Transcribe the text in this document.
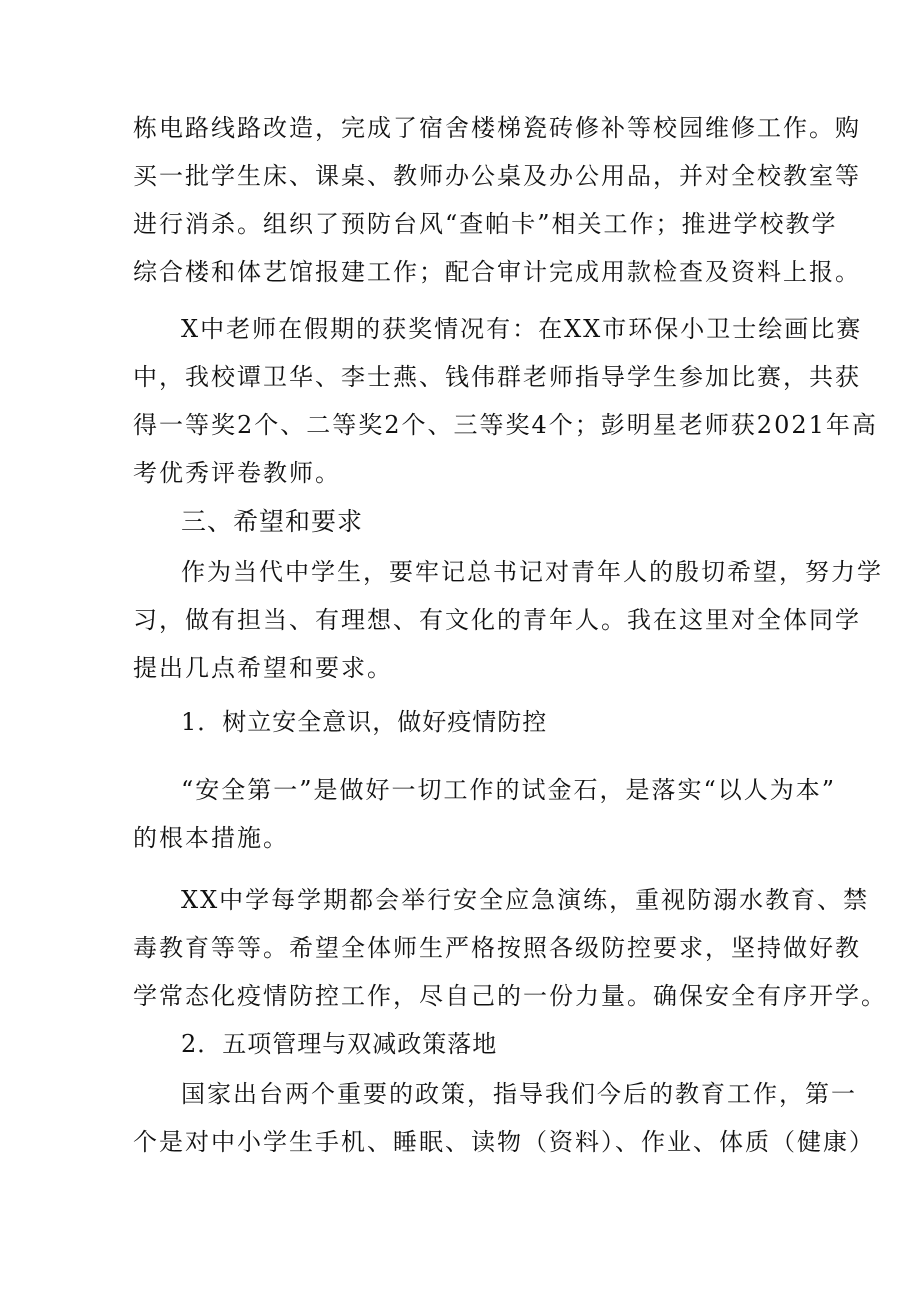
栋电路线路改造，完成了宿舍楼梯瓷砖修补等校园维修工作。购
买一批学生床、课桌、教师办公桌及办公用品，并对全校教室等
进行消杀。组织了预防台风“查帕卡”相关工作；推进学校教学
综合楼和体艺馆报建工作；配合审计完成用款检查及资料上报。
X中老师在假期的获奖情况有：在XX市环保小卫士绘画比赛
中，我校谭卫华、李士燕、钱伟群老师指导学生参加比赛，共获
得一等奖2个、二等奖2个、三等奖4个；彭明星老师获2021年高
考优秀评卷教师。
三、希望和要求
作为当代中学生，要牢记总书记对青年人的殷切希望，努力学
习，做有担当、有理想、有文化的青年人。我在这里对全体同学
提出几点希望和要求。
1．树立安全意识，做好疫情防控
“安全第一”是做好一切工作的试金石，是落实“以人为本”
的根本措施。
XX中学每学期都会举行安全应急演练，重视防溺水教育、禁
毒教育等等。希望全体师生严格按照各级防控要求，坚持做好教
学常态化疫情防控工作，尽自己的一份力量。确保安全有序开学。
2．五项管理与双减政策落地
国家出台两个重要的政策，指导我们今后的教育工作，第一
个是对中小学生手机、睡眠、读物（资料）、作业、体质（健康）
